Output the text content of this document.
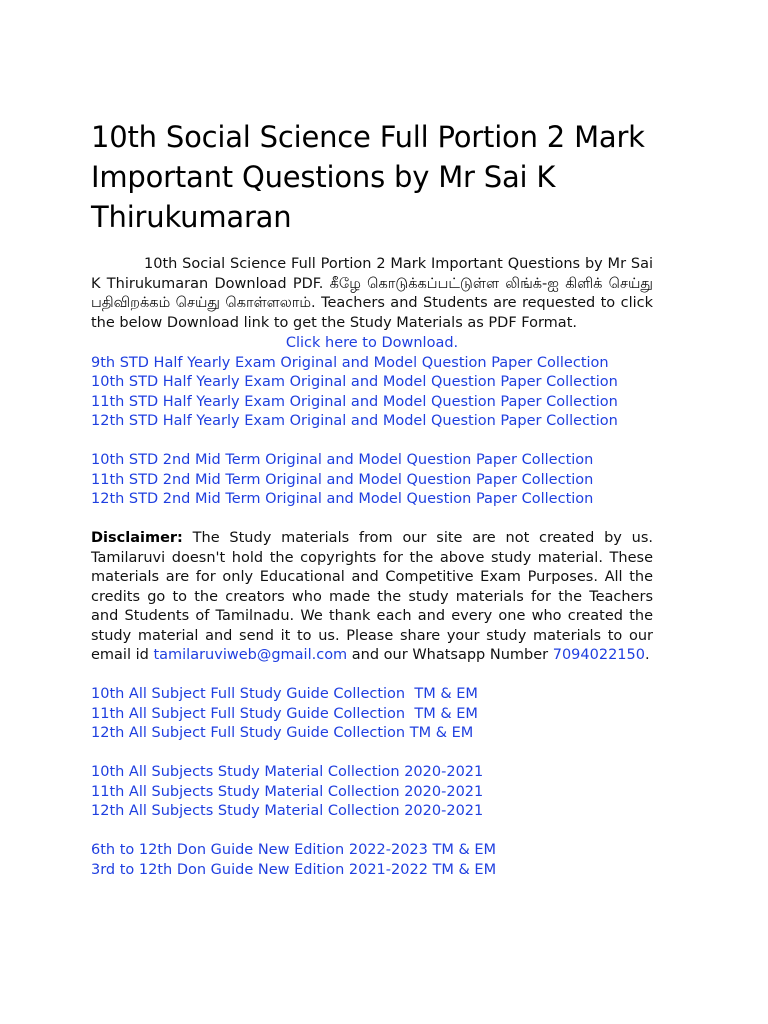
10th Social Science Full Portion 2 Mark Important Questions by Mr Sai K Thirukumaran

10th Social Science Full Portion 2 Mark Important Questions by Mr Sai K Thirukumaran Download PDF. கீழே கொடுக்கப்பட்டுள்ள லிங்க்-ஐ கிளிக் செய்து பதிவிறக்கம் செய்து கொள்ளலாம். Teachers and Students are requested to click the below Download link to get the Study Materials as PDF Format.

Click here to Download.
9th STD Half Yearly Exam Original and Model Question Paper Collection
10th STD Half Yearly Exam Original and Model Question Paper Collection
11th STD Half Yearly Exam Original and Model Question Paper Collection
12th STD Half Yearly Exam Original and Model Question Paper Collection
10th STD 2nd Mid Term Original and Model Question Paper Collection
11th STD 2nd Mid Term Original and Model Question Paper Collection
12th STD 2nd Mid Term Original and Model Question Paper Collection

Disclaimer: The Study materials from our site are not created by us. Tamilaruvi doesn't hold the copyrights for the above study material. These materials are for only Educational and Competitive Exam Purposes. All the credits go to the creators who made the study materials for the Teachers and Students of Tamilnadu. We thank each and every one who created the study material and send it to us. Please share your study materials to our email id tamilaruviweb@gmail.com and our Whatsapp Number 7094022150.

10th All Subject Full Study Guide Collection  TM & EM
11th All Subject Full Study Guide Collection  TM & EM
12th All Subject Full Study Guide Collection TM & EM
10th All Subjects Study Material Collection 2020-2021
11th All Subjects Study Material Collection 2020-2021
12th All Subjects Study Material Collection 2020-2021
6th to 12th Don Guide New Edition 2022-2023 TM & EM
3rd to 12th Don Guide New Edition 2021-2022 TM & EM
